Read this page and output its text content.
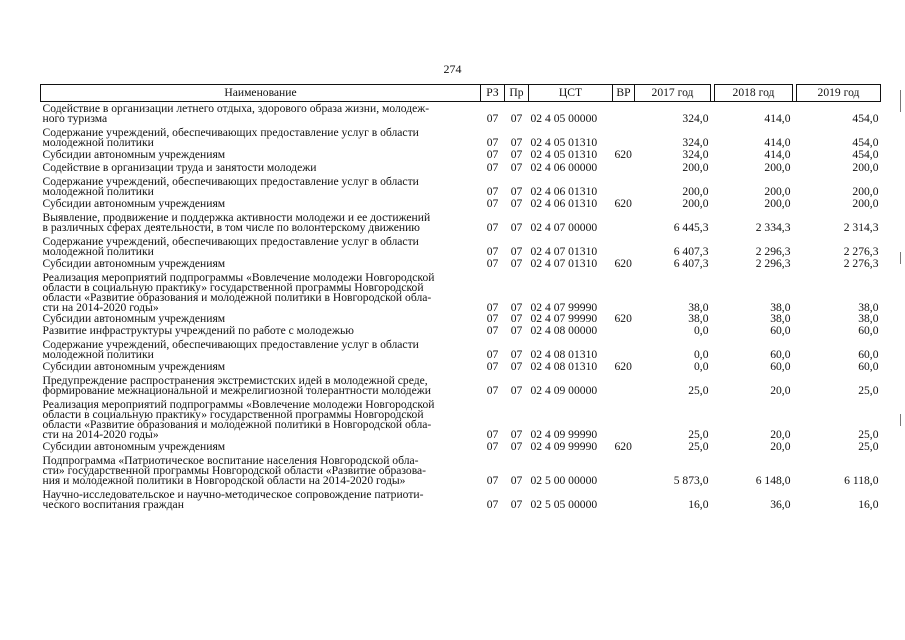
274
Наименование	РЗ	Пр	ЦСТ	ВР	2017 год		2018 год		2019 год
Содействие в организации летнего отдыха, здорового образа жизни, молодеж-
ного туризма	07	07	02 4 05 00000		324,0		414,0		454,0
Содержание учреждений, обеспечивающих предоставление услуг в области
молодежной политики	07	07	02 4 05 01310		324,0		414,0		454,0
Субсидии автономным учреждениям	07	07	02 4 05 01310	620	324,0		414,0		454,0
Содействие в организации труда и занятости молодежи	07	07	02 4 06 00000		200,0		200,0		200,0
Содержание учреждений, обеспечивающих предоставление услуг в области
молодежной политики	07	07	02 4 06 01310		200,0		200,0		200,0
Субсидии автономным учреждениям	07	07	02 4 06 01310	620	200,0		200,0		200,0
Выявление, продвижение и поддержка активности молодежи и ее достижений
в различных сферах деятельности, в том числе по волонтерскому движению	07	07	02 4 07 00000		6 445,3		2 334,3		2 314,3
Содержание учреждений, обеспечивающих предоставление услуг в области
молодежной политики	07	07	02 4 07 01310		6 407,3		2 296,3		2 276,3
Субсидии автономным учреждениям	07	07	02 4 07 01310	620	6 407,3		2 296,3		2 276,3
Реализация мероприятий подпрограммы «Вовлечение молодежи Новгородской
области в социальную практику» государственной программы Новгородской
области «Развитие образования и молодежной политики в Новгородской обла-
сти на 2014-2020 годы»	07	07	02 4 07 99990		38,0		38,0		38,0
Субсидии автономным учреждениям	07	07	02 4 07 99990	620	38,0		38,0		38,0
Развитие инфраструктуры учреждений по работе с молодежью	07	07	02 4 08 00000		0,0		60,0		60,0
Содержание учреждений, обеспечивающих предоставление услуг в области
молодежной политики	07	07	02 4 08 01310		0,0		60,0		60,0
Субсидии автономным учреждениям	07	07	02 4 08 01310	620	0,0		60,0		60,0
Предупреждение распространения экстремистских идей в молодежной среде,
формирование межнациональной и межрелигиозной толерантности молодежи	07	07	02 4 09 00000		25,0		20,0		25,0
Реализация мероприятий подпрограммы «Вовлечение молодежи Новгородской
области в социальную практику» государственной программы Новгородской
области «Развитие образования и молодежной политики в Новгородской обла-
сти на 2014-2020 годы»	07	07	02 4 09 99990		25,0		20,0		25,0
Субсидии автономным учреждениям	07	07	02 4 09 99990	620	25,0		20,0		25,0
Подпрограмма «Патриотическое воспитание населения Новгородской обла-
сти» государственной программы Новгородской области «Развитие образова-
ния и молодежной политики в Новгородской области на 2014-2020 годы»	07	07	02 5 00 00000		5 873,0		6 148,0		6 118,0
Научно-исследовательское и научно-методическое сопровождение патриоти-
ческого воспитания граждан	07	07	02 5 05 00000		16,0		36,0		16,0
